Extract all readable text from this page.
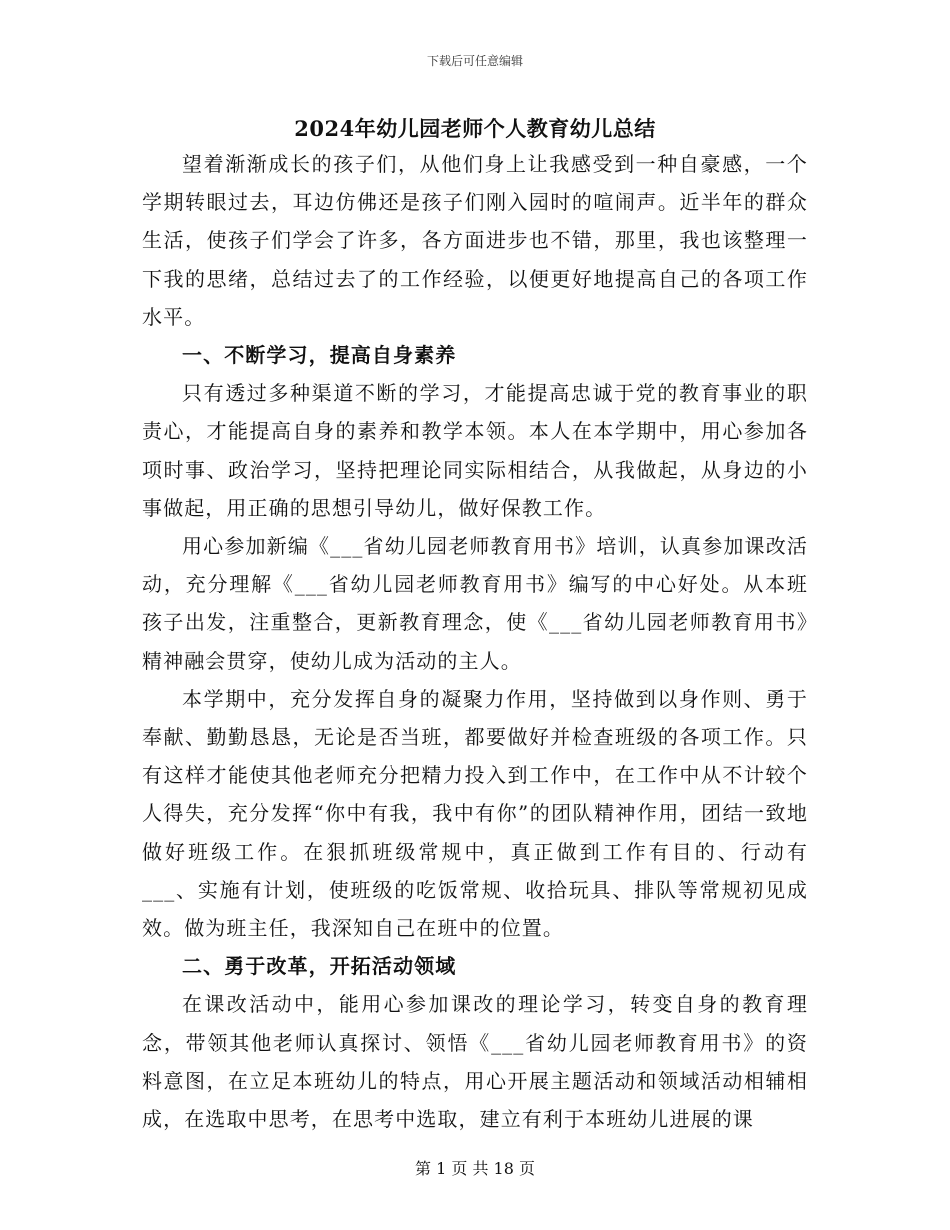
下载后可任意编辑
2024年幼儿园老师个人教育幼儿总结

望着渐渐成长的孩子们，从他们身上让我感受到一种自豪感，一个学期转眼过去，耳边仿佛还是孩子们刚入园时的喧闹声。近半年的群众生活，使孩子们学会了许多，各方面进步也不错，那里，我也该整理一下我的思绪，总结过去了的工作经验，以便更好地提高自己的各项工作水平。

一、不断学习，提高自身素养

只有透过多种渠道不断的学习，才能提高忠诚于党的教育事业的职责心，才能提高自身的素养和教学本领。本人在本学期中，用心参加各项时事、政治学习，坚持把理论同实际相结合，从我做起，从身边的小事做起，用正确的思想引导幼儿，做好保教工作。

用心参加新编《___省幼儿园老师教育用书》培训，认真参加课改活动，充分理解《___省幼儿园老师教育用书》编写的中心好处。从本班孩子出发，注重整合，更新教育理念，使《___省幼儿园老师教育用书》精神融会贯穿，使幼儿成为活动的主人。

本学期中，充分发挥自身的凝聚力作用，坚持做到以身作则、勇于奉献、勤勤恳恳，无论是否当班，都要做好并检查班级的各项工作。只有这样才能使其他老师充分把精力投入到工作中，在工作中从不计较个人得失，充分发挥“你中有我，我中有你”的团队精神作用，团结一致地做好班级工作。在狠抓班级常规中，真正做到工作有目的、行动有___、实施有计划，使班级的吃饭常规、收拾玩具、排队等常规初见成效。做为班主任，我深知自己在班中的位置。

二、勇于改革，开拓活动领域

在课改活动中，能用心参加课改的理论学习，转变自身的教育理念，带领其他老师认真探讨、领悟《___省幼儿园老师教育用书》的资料意图，在立足本班幼儿的特点，用心开展主题活动和领域活动相辅相成，在选取中思考，在思考中选取，建立有利于本班幼儿进展的课

第 1 页 共 18 页
